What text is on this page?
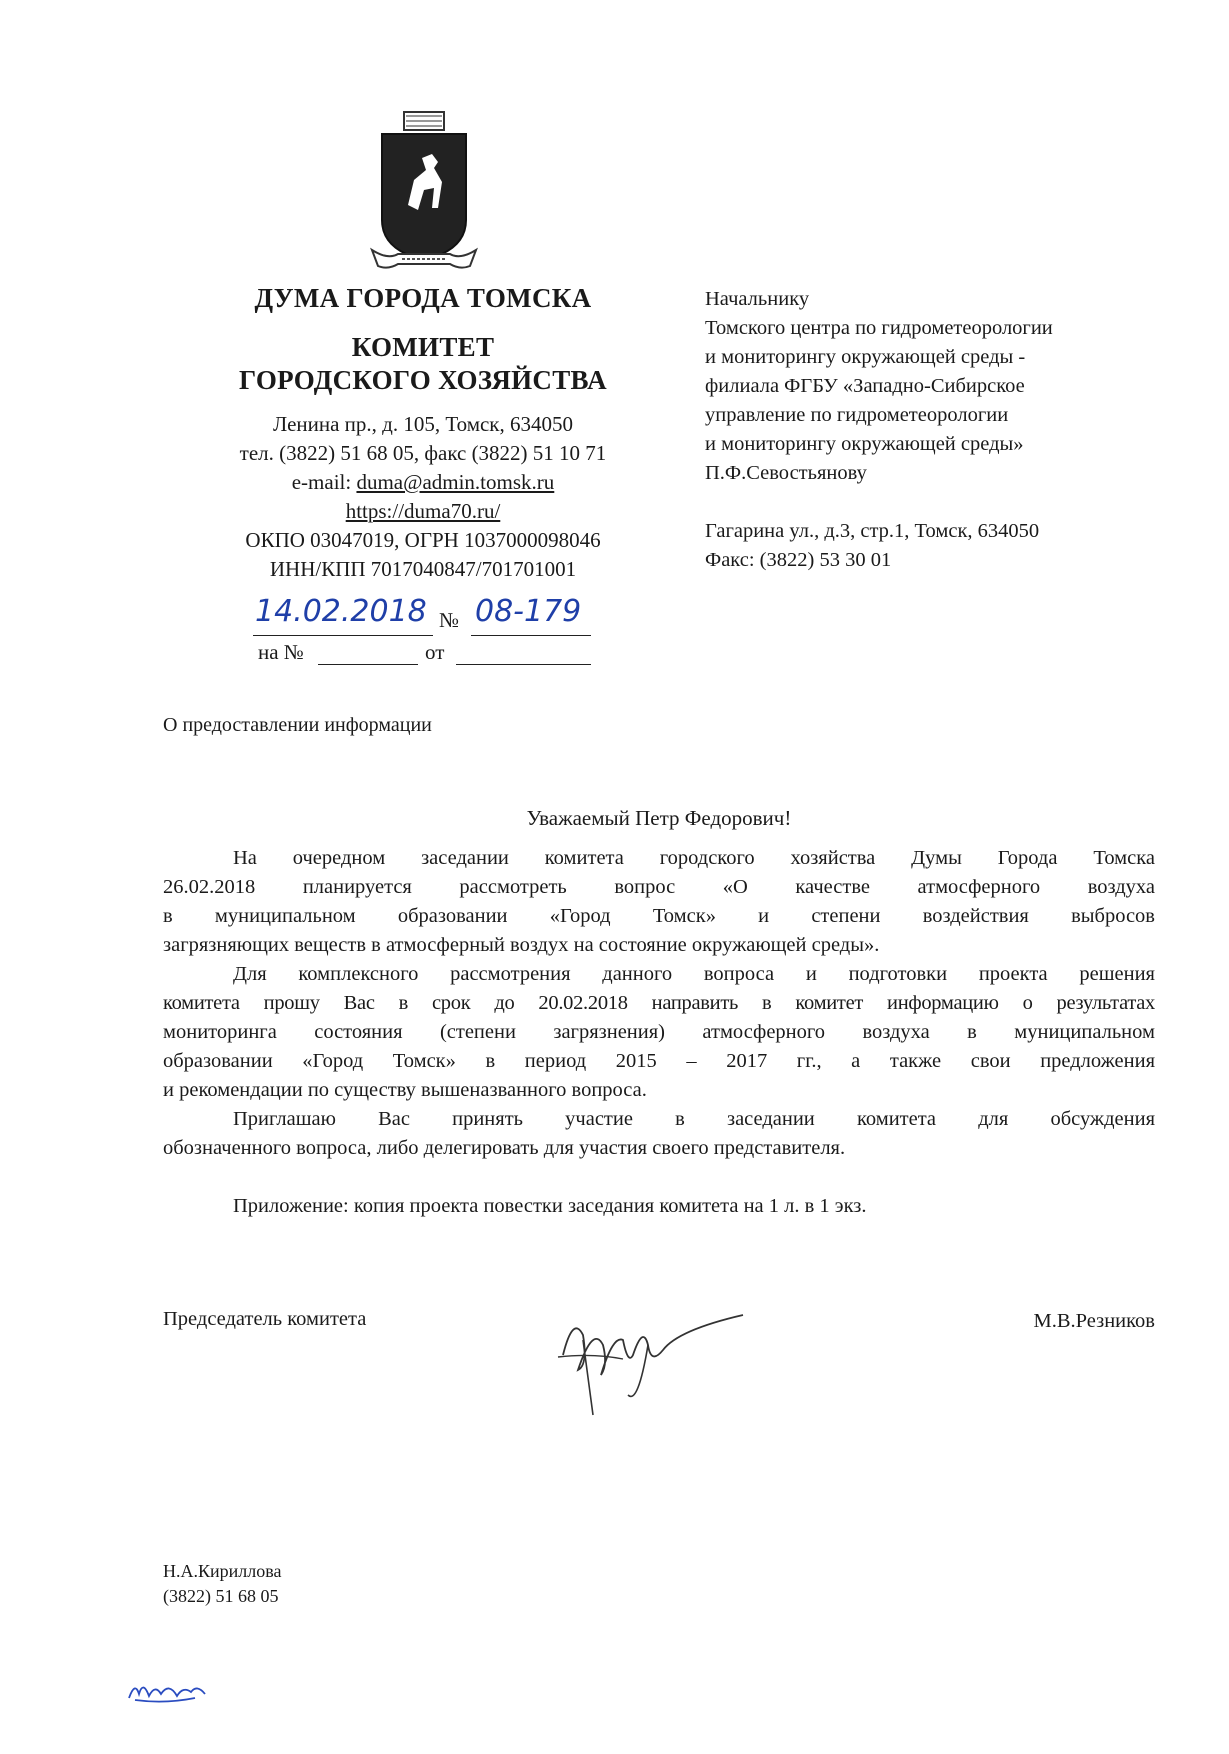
ДУМА ГОРОДА ТОМСКА
КОМИТЕТ
ГОРОДСКОГО ХОЗЯЙСТВА
Ленина пр., д. 105, Томск, 634050
тел. (3822) 51 68 05, факс (3822) 51 10 71
e-mail: duma@admin.tomsk.ru
https://duma70.ru/
ОКПО 03047019, ОГРН 1037000098046
ИНН/КПП 7017040847/701701001
14.02.2018 № 08-179
на №	от
Начальнику
Томского центра по гидрометеорологии
и мониторингу окружающей среды -
филиала ФГБУ «Западно-Сибирское
управление по гидрометеорологии
и мониторингу окружающей среды»
П.Ф.Севостьянову
Гагарина ул., д.3, стр.1, Томск, 634050
Факс: (3822) 53 30 01
О предоставлении информации
Уважаемый Петр Федорович!
На очередном заседании комитета городского хозяйства Думы Города Томска
26.02.2018 планируется рассмотреть вопрос «О качестве атмосферного воздуха
в муниципальном образовании «Город Томск» и степени воздействия выбросов
загрязняющих веществ в атмосферный воздух на состояние окружающей среды».
Для комплексного рассмотрения данного вопроса и подготовки проекта решения
комитета прошу Вас в срок до 20.02.2018 направить в комитет информацию о результатах
мониторинга состояния (степени загрязнения) атмосферного воздуха в муниципальном
образовании «Город Томск» в период 2015 – 2017 гг., а также свои предложения
и рекомендации по существу вышеназванного вопроса.
Приглашаю Вас принять участие в заседании комитета для обсуждения
обозначенного вопроса, либо делегировать для участия своего представителя.
Приложение: копия проекта повестки заседания комитета на 1 л. в 1 экз.
Председатель комитета	М.В.Резников
Н.А.Кириллова
(3822) 51 68 05
